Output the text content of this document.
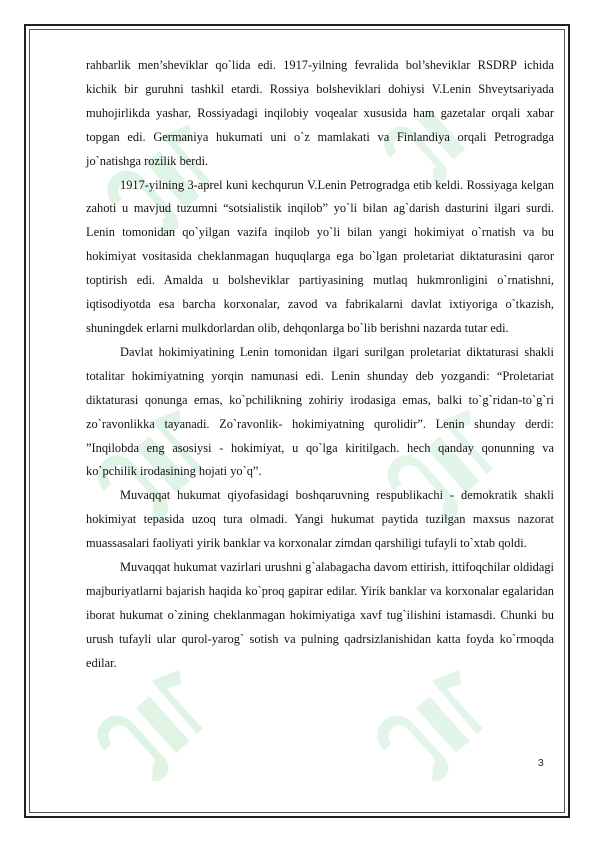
rahbarlik men’sheviklar qo`lida edi. 1917-yilning fevralida bol’sheviklar RSDRP ichida kichik bir guruhni tashkil etardi. Rossiya bolsheviklari dohiysi V.Lenin Shveytsariyada muhojirlikda yashar, Rossiyadagi inqilobiy voqealar xususida ham gazetalar orqali xabar topgan edi. Germaniya hukumati uni o`z mamlakati va Finlandiya orqali Petrogradga jo`natishga rozilik berdi.

1917-yilning 3-aprel kuni kechqurun V.Lenin Petrogradga etib keldi. Rossiyaga kelgan zahoti u mavjud tuzumni “sotsialistik inqilob” yo`li bilan ag`darish dasturini ilgari surdi. Lenin tomonidan qo`yilgan vazifa inqilob yo`li bilan yangi hokimiyat o`rnatish va bu hokimiyat vositasida cheklanmagan huquqlarga ega bo`lgan proletariat diktaturasini qaror toptirish edi. Amalda u bolsheviklar partiyasining mutlaq hukmronligini o`rnatishni, iqtisodiyotda esa barcha korxonalar, zavod va fabrikalarni davlat ixtiyoriga o`tkazish, shuningdek erlarni mulkdorlardan olib, dehqonlarga bo`lib berishni nazarda tutar edi.

Davlat hokimiyatining Lenin tomonidan ilgari surilgan proletariat diktaturasi shakli totalitar hokimiyatning yorqin namunasi edi. Lenin shunday deb yozgandi: “Proletariat diktaturasi qonunga emas, ko`pchilikning zohiriy irodasiga emas, balki to`g`ridan-to`g`ri zo`ravonlikka tayanadi. Zo`ravonlik- hokimiyatning qurolidir”. Lenin shunday derdi: ”Inqilobda eng asosiysi - hokimiyat, u qo`lga kiritilgach. hech qanday qonunning va ko`pchilik irodasining hojati yo`q”.

Muvaqqat hukumat qiyofasidagi boshqaruvning respublikachi - demokratik shakli hokimiyat tepasida uzoq tura olmadi. Yangi hukumat paytida tuzilgan maxsus nazorat muassasalari faoliyati yirik banklar va korxonalar zimdan qarshiligi tufayli to`xtab qoldi.

Muvaqqat hukumat vazirlari urushni g`alabagacha davom ettirish, ittifoqchilar oldidagi majburiyatlarni bajarish haqida ko`proq gapirar edilar. Yirik banklar va korxonalar egalaridan iborat hukumat o`zining cheklanmagan hokimiyatiga xavf tug`ilishini istamasdi. Chunki bu urush tufayli ular qurol-yarog` sotish va pulning qadrsizlanishidan katta foyda ko`rmoqda edilar.

3
